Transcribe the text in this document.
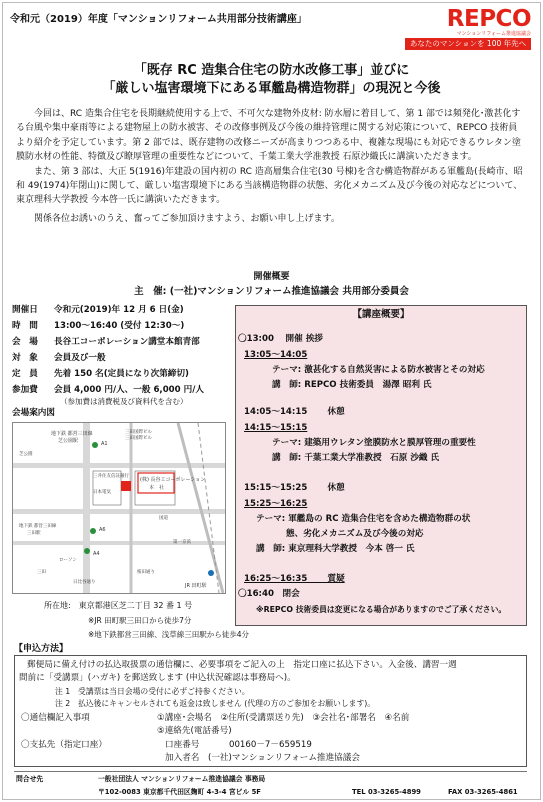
令和元（2019）年度「マンションリフォーム共用部分技術講座」	REPCO
マンションリフォーム推進協議会
あなたのマンションを 100 年先へ
「既存 RC 造集合住宅の防水改修工事」並びに
「厳しい塩害環境下にある軍艦島構造物群」の現況と今後

今回は、RC 造集合住宅を長期継続使用する上で、不可欠な建物外皮材: 防水層に着目して、第 1 部では頻発化･激甚化する台風や集中豪雨等による建物屋上の防水被害、その改修事例及び今後の維持管理に関する対応策について、REPCO 技術員より紹介を予定しています。第 2 部では、既存建物の改修ニーズが高まりつつある中、複雑な現場にも対応できるウレタン塗膜防水材の性能、特徴及び瞭厚管理の重要性などについて、千葉工業大学准教授 石原沙織氏に講演いただきます。

また、第 3 部は、大正 5(1916)年建設の国内初の RC 造高層集合住宅(30 号棟)を含む構造物群がある軍艦島(長崎市、昭和 49(1974)年閉山)に関して、厳しい塩害環境下にある当該構造物群の状態、劣化メカニズム及び今後の対応などについて、東京理科大学教授 今本啓一氏に講演いただきます。

関係各位お誘いのうえ、奮ってご参加頂けますよう、お願い申し上げます。

開催概要
主　催: (一社)マンションリフォーム推進協議会 共用部分委員会
開催日 令和元(2019)年 12 月 6 日(金)
時　間 13:00～16:40 (受付 12:30～)
会　場 長谷工コーポレーション講堂本館青部
対　象 会員及び一般
定　員 先着 150 名(定員になり次第締切)
参加費 会員 4,000 円/人、一般 6,000 円/人
（参加費は消費税及び資料代を含む）
会場案内図
地下鉄 都営三田線
芝公園駅	A1
三田国際ビル
三田国際ビル
三井住友信託銀行
日本電気
(株) 長谷工コーポレーション
本　社
国道
日比谷通り
A6
A4
地下鉄 都営三田線
三田駅
ローソン
芝公園
三田	桜田通り
第一京浜
JR 田町駅
所在地:　東京都港区芝二丁目 32 番 1 号
※JR 田町駅三田口から徒歩7分
※地下鉄都営三田線、浅草線三田駅から徒歩4分
【講座概要】
〇13:00　 開催 挨拶
13:05～14:05
テーマ: 激甚化する自然災害による防水被害とその対応
講　師: REPCO 技術委員　湯澤 昭利 氏
14:05～14:15　　 休憩
14:15～15:15
テーマ: 建築用ウレタン塗膜防水と膜厚管理の重要性
講　師: 千葉工業大学准教授　石原 沙織 氏
15:15～15:25　　 休憩
15:25～16:25
テーマ: 軍艦島の RC 造集合住宅を含めた構造物群の状
態、劣化メカニズム及び今後の対応
講　師: 東京理科大学教授　今本 啓一 氏
16:25～16:35　　 質疑
〇16:40　閉会
※REPCO 技術委員は変更になる場合がありますのでご了承ください。
【申込方法】
郵便局に備え付けの払込取扱票の通信欄に、必要事項をご記入の上　指定口座に払込下さい。入金後、講習一週
間前に「受講票」(ハガキ) を郵送致します (申込状況確認は事務局へ)。
注 1　受講票は当日会場の受付に必ずご持参ください。
注 2　払込後にキャンセルされても返金は致しません (代理の方のご参加をお願いします)。
〇通信欄記入事項	①講座･会場名　②住所(受講票送り先)　③会社名･部署名　④名前
⑤連絡先(電話番号)
〇支払先（指定口座）	口座番号	00160－7－659519
加入者名　(一社)マンションリフォーム推進協議会
問合せ先	一般社団法人 マンションリフォーム推進協議会 事務局
〒102-0083 東京都千代田区麹町 4-3-4 宮ビル 5F	TEL 03-3265-4899	FAX 03-3265-4861
